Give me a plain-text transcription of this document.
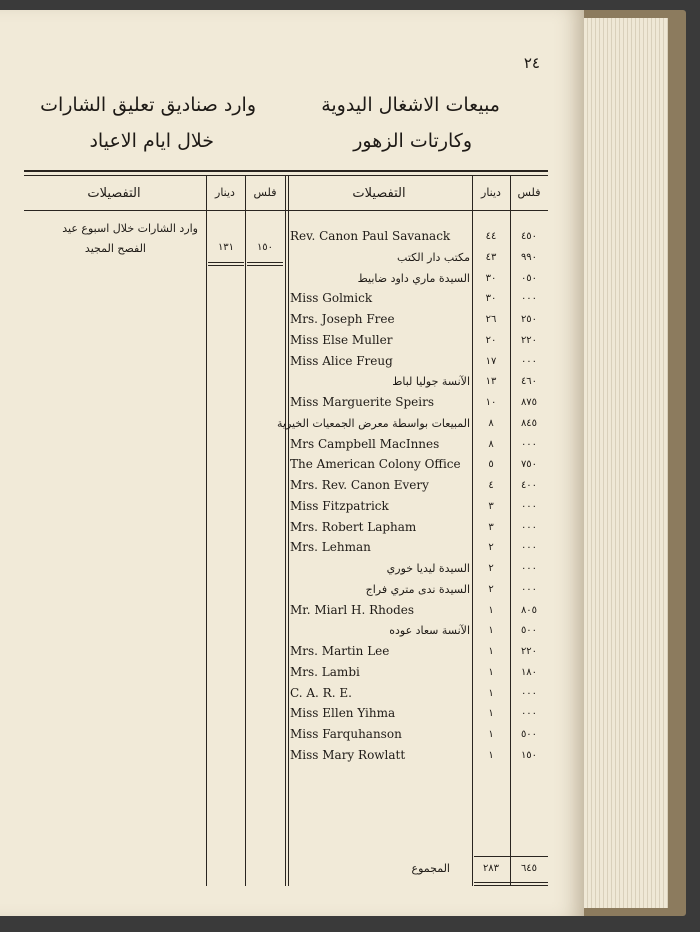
٢٤
مبيعات الاشغال اليدوية
وكارتات الزهور
وارد صناديق تعليق الشارات
خلال ايام الاعياد
فلس
دينار
التفصيلات
فلس
دينار
التفصيلات
Rev. Canon Paul Savanack	٤٤	٤٥٠
مكتب دار الكتب	٤٣	٩٩٠
السيدة ماري داود ضابيط	٣٠	٠٥٠
Miss Golmick	٣٠	٠٠٠
Mrs. Joseph Free	٢٦	٢٥٠
Miss Else Muller	٢٠	٢٢٠
Miss Alice Freug	١٧	٠٠٠
الآنسة جوليا لباط	١٣	٤٦٠
Miss Marguerite Speirs	١٠	٨٧٥
المبيعات بواسطة معرض الجمعيات الخيرية	٨	٨٤٥
Mrs Campbell MacInnes	٨	٠٠٠
The American Colony Office	٥	٧٥٠
Mrs. Rev. Canon Every	٤	٤٠٠
Miss Fitzpatrick	٣	٠٠٠
Mrs. Robert Lapham	٣	٠٠٠
Mrs. Lehman	٢	٠٠٠
السيدة ليديا خوري	٢	٠٠٠
السيدة ندى متري فراج	٢	٠٠٠
Mr. Miarl H. Rhodes	١	٨٠٥
الآنسة سعاد عوده	١	٥٠٠
Mrs. Martin Lee	١	٢٢٠
Mrs. Lambi	١	١٨٠
C. A. R. E.	١	٠٠٠
Miss Ellen Yihma	١	٠٠٠
Miss Farquhanson	١	٥٠٠
Miss Mary Rowlatt	١	١٥٠
وارد الشارات خلال اسبوع عيد
الفصح المجيد	١٣١	١٥٠
المجموع	٢٨٣	٦٤٥
